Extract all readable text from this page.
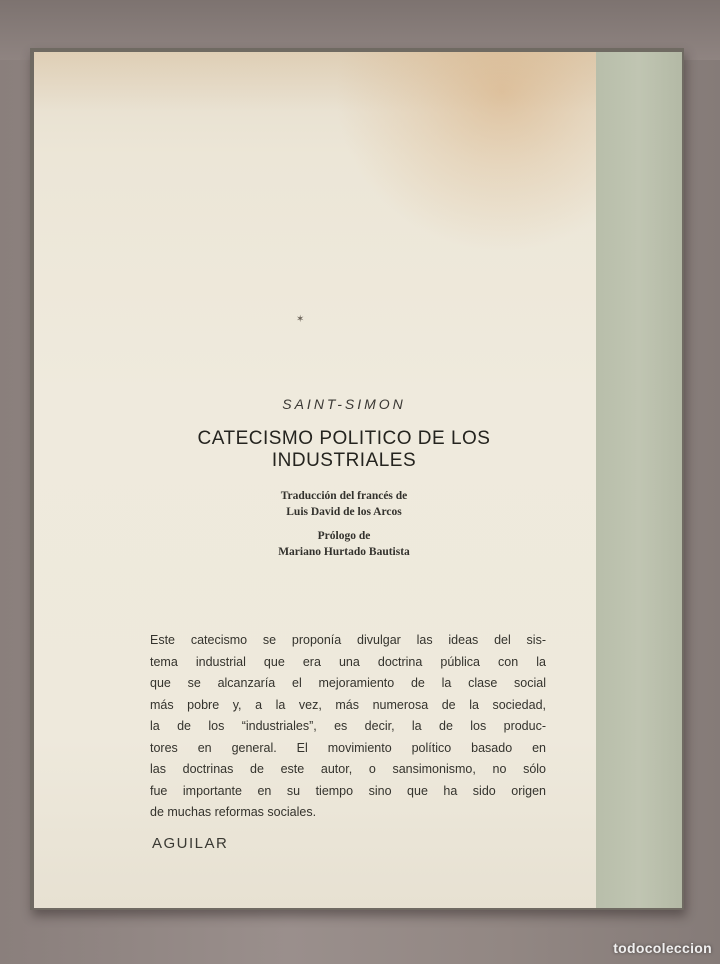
✶
SAINT-SIMON
CATECISMO POLITICO DE LOS
INDUSTRIALES
Traducción del francés de
Luis David de los Arcos
Prólogo de
Mariano Hurtado Bautista
Este catecismo se proponía divulgar las ideas del sis-
tema industrial que era una doctrina pública con la
que se alcanzaría el mejoramiento de la clase social
más pobre y, a la vez, más numerosa de la sociedad,
la de los “industriales”, es decir, la de los produc-
tores en general. El movimiento político basado en
las doctrinas de este autor, o sansimonismo, no sólo
fue importante en su tiempo sino que ha sido origen
de muchas reformas sociales.
AGUILAR
todocoleccion
